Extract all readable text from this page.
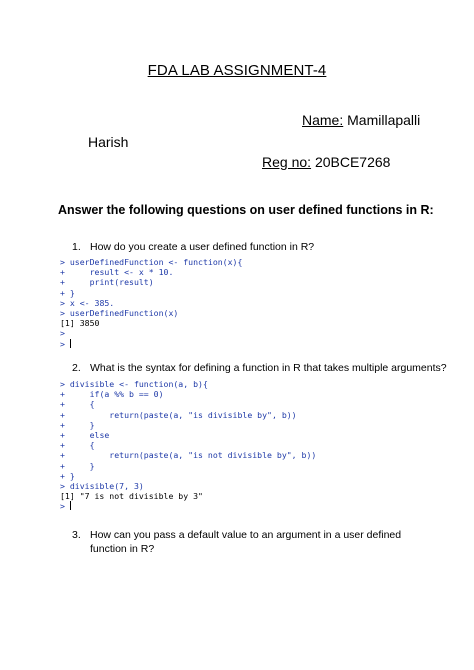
FDA LAB ASSIGNMENT-4
Name: Mamillapalli
Harish
Reg no: 20BCE7268
Answer the following questions on user defined functions in R:
1. How do you create a user defined function in R?
> userDefinedFunction <- function(x){
+     result <- x * 10.
+     print(result)
+ }
> x <- 385.
> userDefinedFunction(x)
[1] 3850
>
>
2. What is the syntax for defining a function in R that takes multiple arguments?
> divisible <- function(a, b){
+     if(a %% b == 0)
+     {
+         return(paste(a, "is divisible by", b))
+     }
+     else
+     {
+         return(paste(a, "is not divisible by", b))
+     }
+ }
> divisible(7, 3)
[1] "7 is not divisible by 3"
>
3. How can you pass a default value to an argument in a user defined function in R?
